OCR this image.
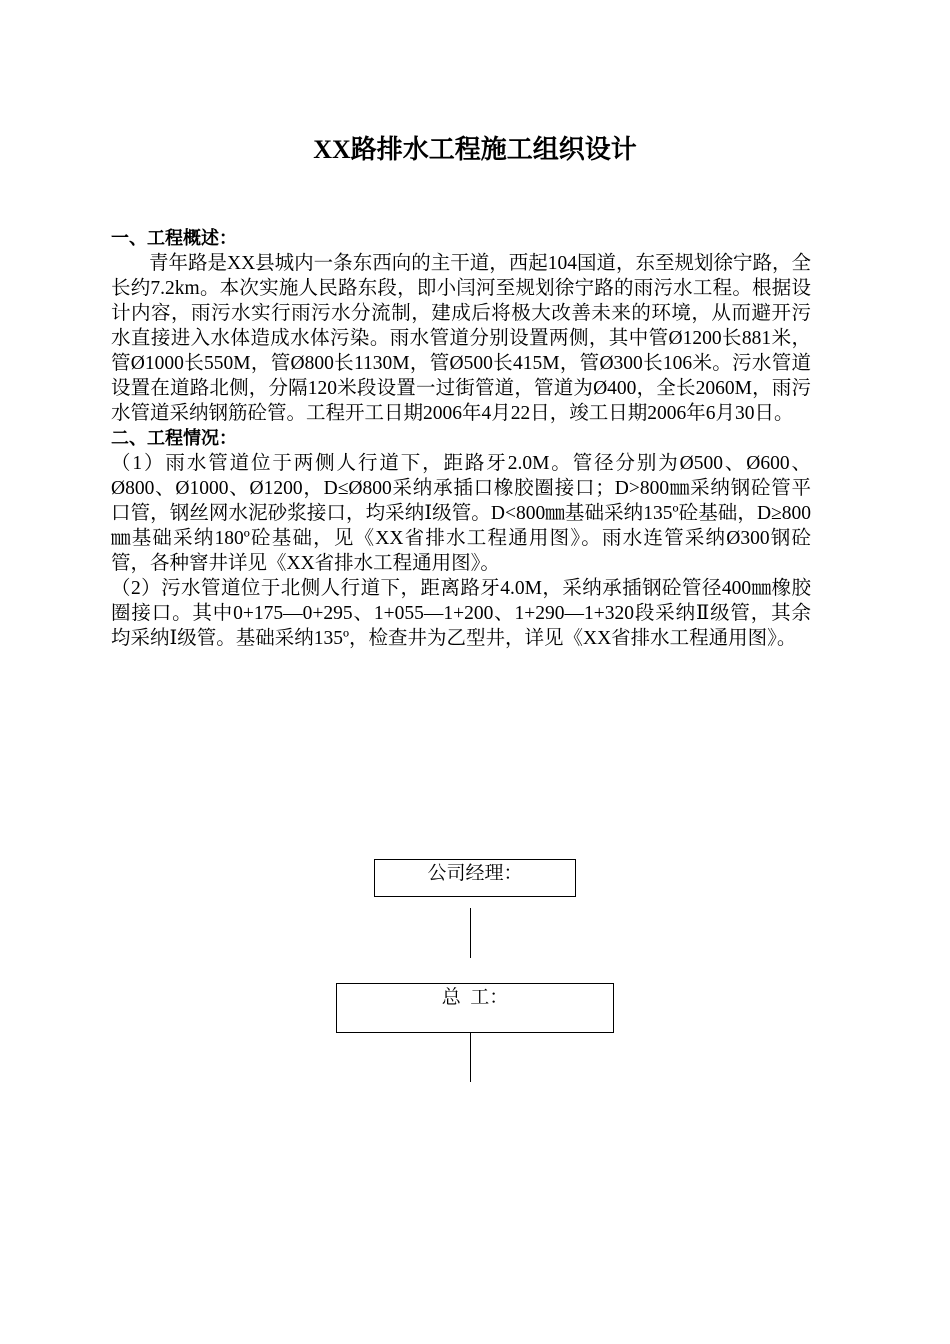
XX路排水工程施工组织设计
一、工程概述：
青年路是XX县城内一条东西向的主干道，西起104国道，东至规划徐宁路，全长约7.2km。本次实施人民路东段，即小闫河至规划徐宁路的雨污水工程。根据设计内容，雨污水实行雨污水分流制，建成后将极大改善未来的环境，从而避开污水直接进入水体造成水体污染。雨水管道分别设置两侧，其中管Ø1200长881米，管Ø1000长550M，管Ø800长1130M，管Ø500长415M，管Ø300长106米。污水管道设置在道路北侧，分隔120米段设置一过街管道，管道为Ø400，全长2060M，雨污水管道采纳钢筋砼管。工程开工日期2006年4月22日，竣工日期2006年6月30日。
二、工程情况：
（1）雨水管道位于两侧人行道下，距路牙2.0M。管径分别为Ø500、Ø600、Ø800、Ø1000、Ø1200，D≤Ø800采纳承插口橡胶圈接口；D>800㎜采纳钢砼管平口管，钢丝网水泥砂浆接口，均采纳Ⅰ级管。D<800㎜基础采纳135º砼基础，D≥800㎜基础采纳180º砼基础，见《XX省排水工程通用图》。雨水连管采纳Ø300钢砼管，各种窨井详见《XX省排水工程通用图》。
（2）污水管道位于北侧人行道下，距离路牙4.0M，采纳承插钢砼管径400㎜橡胶圈接口。其中0+175—0+295、1+055—1+200、1+290—1+320段采纳Ⅱ级管，其余均采纳Ⅰ级管。基础采纳135º，检查井为乙型井，详见《XX省排水工程通用图》。
公司经理：
总  工：
